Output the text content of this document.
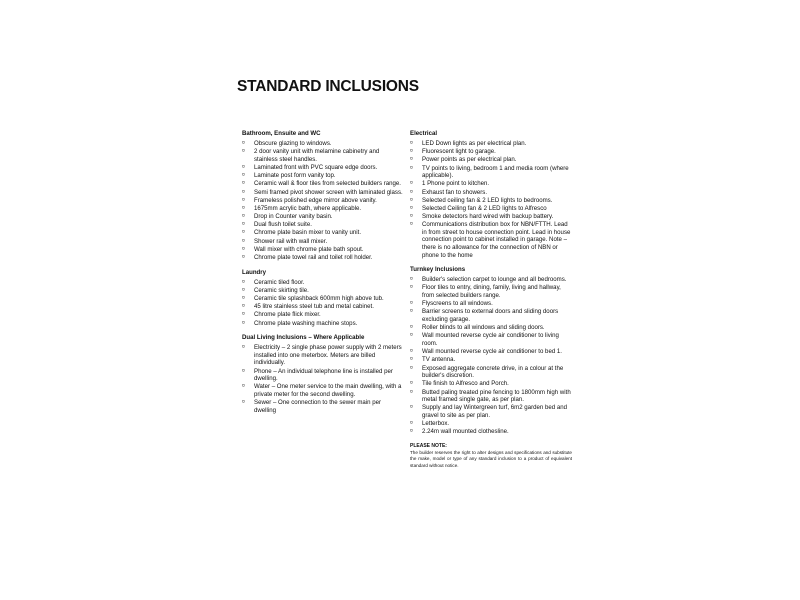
STANDARD INCLUSIONS
Bathroom, Ensuite and WC
¤ Obscure glazing to windows.
¤ 2 door vanity unit with melamine cabinetry and stainless steel handles.
¤ Laminated front with PVC square edge doors.
¤ Laminate post form vanity top.
¤ Ceramic wall & floor tiles from selected builders range.
¤ Semi framed pivot shower screen with laminated glass.
¤ Frameless polished edge mirror above vanity.
¤ 1675mm acrylic bath, where applicable.
¤ Drop in Counter vanity basin.
¤ Dual flush toilet suite.
¤ Chrome plate basin mixer to vanity unit.
¤ Shower rail with wall mixer.
¤ Wall mixer with chrome plate bath spout.
¤ Chrome plate towel rail and toilet roll holder.
Laundry
¤ Ceramic tiled floor.
¤ Ceramic skirting tile.
¤ Ceramic tile splashback 600mm high above tub.
¤ 45 litre stainless steel tub and metal cabinet.
¤ Chrome plate flick mixer.
¤ Chrome plate washing machine stops.
Dual Living Inclusions – Where Applicable
¤ Electricity – 2 single phase power supply with 2 meters installed into one meterbox. Meters are billed individually.
¤ Phone – An individual telephone line is installed per dwelling.
¤ Water – One meter service to the main dwelling, with a private meter for the second dwelling.
¤ Sewer – One connection to the sewer main per dwelling
Electrical
¤ LED Down lights as per electrical plan.
¤ Fluorescent light to garage.
¤ Power points as per electrical plan.
¤ TV points to living, bedroom 1 and media room (where applicable).
¤ 1 Phone point to kitchen.
¤ Exhaust fan to showers.
¤ Selected ceiling fan & 2 LED lights to bedrooms.
¤ Selected Ceiling fan & 2 LED lights to Alfresco
¤ Smoke detectors hard wired with backup battery.
¤ Communications distribution box for NBN/FTTH. Lead in from street to house connection point. Lead in house connection point to cabinet installed in garage. Note – there is no allowance for the connection of NBN or phone to the home
Turnkey Inclusions
¤ Builder's selection carpet to lounge and all bedrooms.
¤ Floor tiles to entry, dining, family, living and hallway, from selected builders range.
¤ Flyscreens to all windows.
¤ Barrier screens to external doors and sliding doors excluding garage.
¤ Roller blinds to all windows and sliding doors.
¤ Wall mounted reverse cycle air conditioner to living room.
¤ Wall mounted reverse cycle air conditioner to bed 1.
¤ TV antenna.
¤ Exposed aggregate concrete drive, in a colour at the builder's discretion.
¤ Tile finish to Alfresco and Porch.
¤ Butted paling treated pine fencing to 1800mm high with metal framed single gate, as per plan.
¤ Supply and lay Wintergreen turf, 6m2 garden bed and gravel to site as per plan.
¤ Letterbox.
¤ 2.24m wall mounted clothesline.
PLEASE NOTE:
The builder reserves the right to alter designs and specifications and substitute the make, model or type of any standard inclusion to a product of equivalent standard without notice.
